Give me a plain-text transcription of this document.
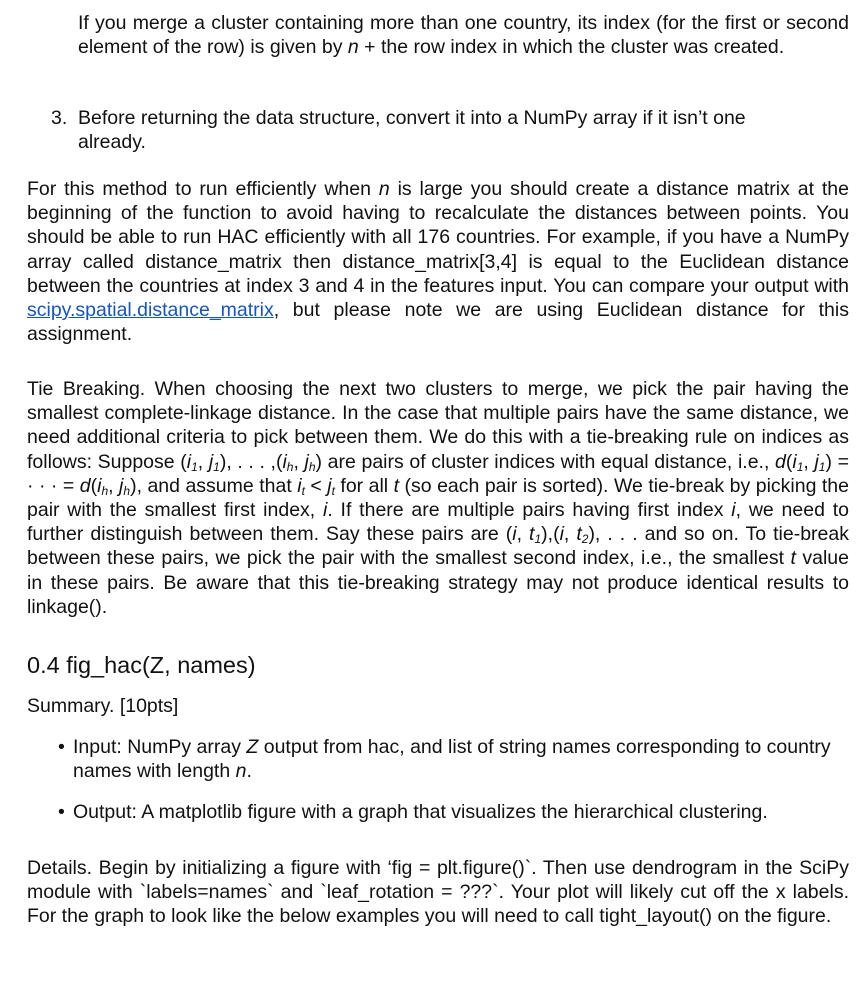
If you merge a cluster containing more than one country, its index (for the first or second element of the row) is given by n + the row index in which the cluster was created.

3. Before returning the data structure, convert it into a NumPy array if it isn’t one
already.

For this method to run efficiently when n is large you should create a distance matrix at the beginning of the function to avoid having to recalculate the distances between points. You should be able to run HAC efficiently with all 176 countries. For example, if you have a NumPy array called distance_matrix then distance_matrix[3,4] is equal to the Euclidean distance between the countries at index 3 and 4 in the features input. You can compare your output with scipy.spatial.distance_matrix, but please note we are using Euclidean distance for this assignment.

Tie Breaking. When choosing the next two clusters to merge, we pick the pair having the smallest complete-linkage distance. In the case that multiple pairs have the same distance, we need additional criteria to pick between them. We do this with a tie-breaking rule on indices as follows: Suppose ($i_1$, $j_1$), . . . $,(i_h$, $j_h$) are pairs of cluster indices with equal distance, i.e., $d(i_1$, $j_1$) = · · · = $d(i_h$, $j_h$), and assume that $i_t < j_t$ for all t (so each pair is sorted). We tie-break by picking the pair with the smallest first index, i. If there are multiple pairs having first index i, we need to further distinguish between them. Say these pairs are (i, $t_1),(i$, $t_2$), . . . and so on. To tie-break between these pairs, we pick the pair with the smallest second index, i.e., the smallest t value in these pairs. Be aware that this tie-breaking strategy may not produce identical results to linkage().

0.4 fig_hac(Z, names)

Summary. [10pts]

• Input: NumPy array Z output from hac, and list of string names corresponding to country names with length n.
• Output: A matplotlib figure with a graph that visualizes the hierarchical clustering.

Details. Begin by initializing a figure with ‘fig = plt.figure()`. Then use dendrogram in the SciPy module with `labels=names` and `leaf_rotation = ???`. Your plot will likely cut off the x labels. For the graph to look like the below examples you will need to call tight_layout() on the figure.
